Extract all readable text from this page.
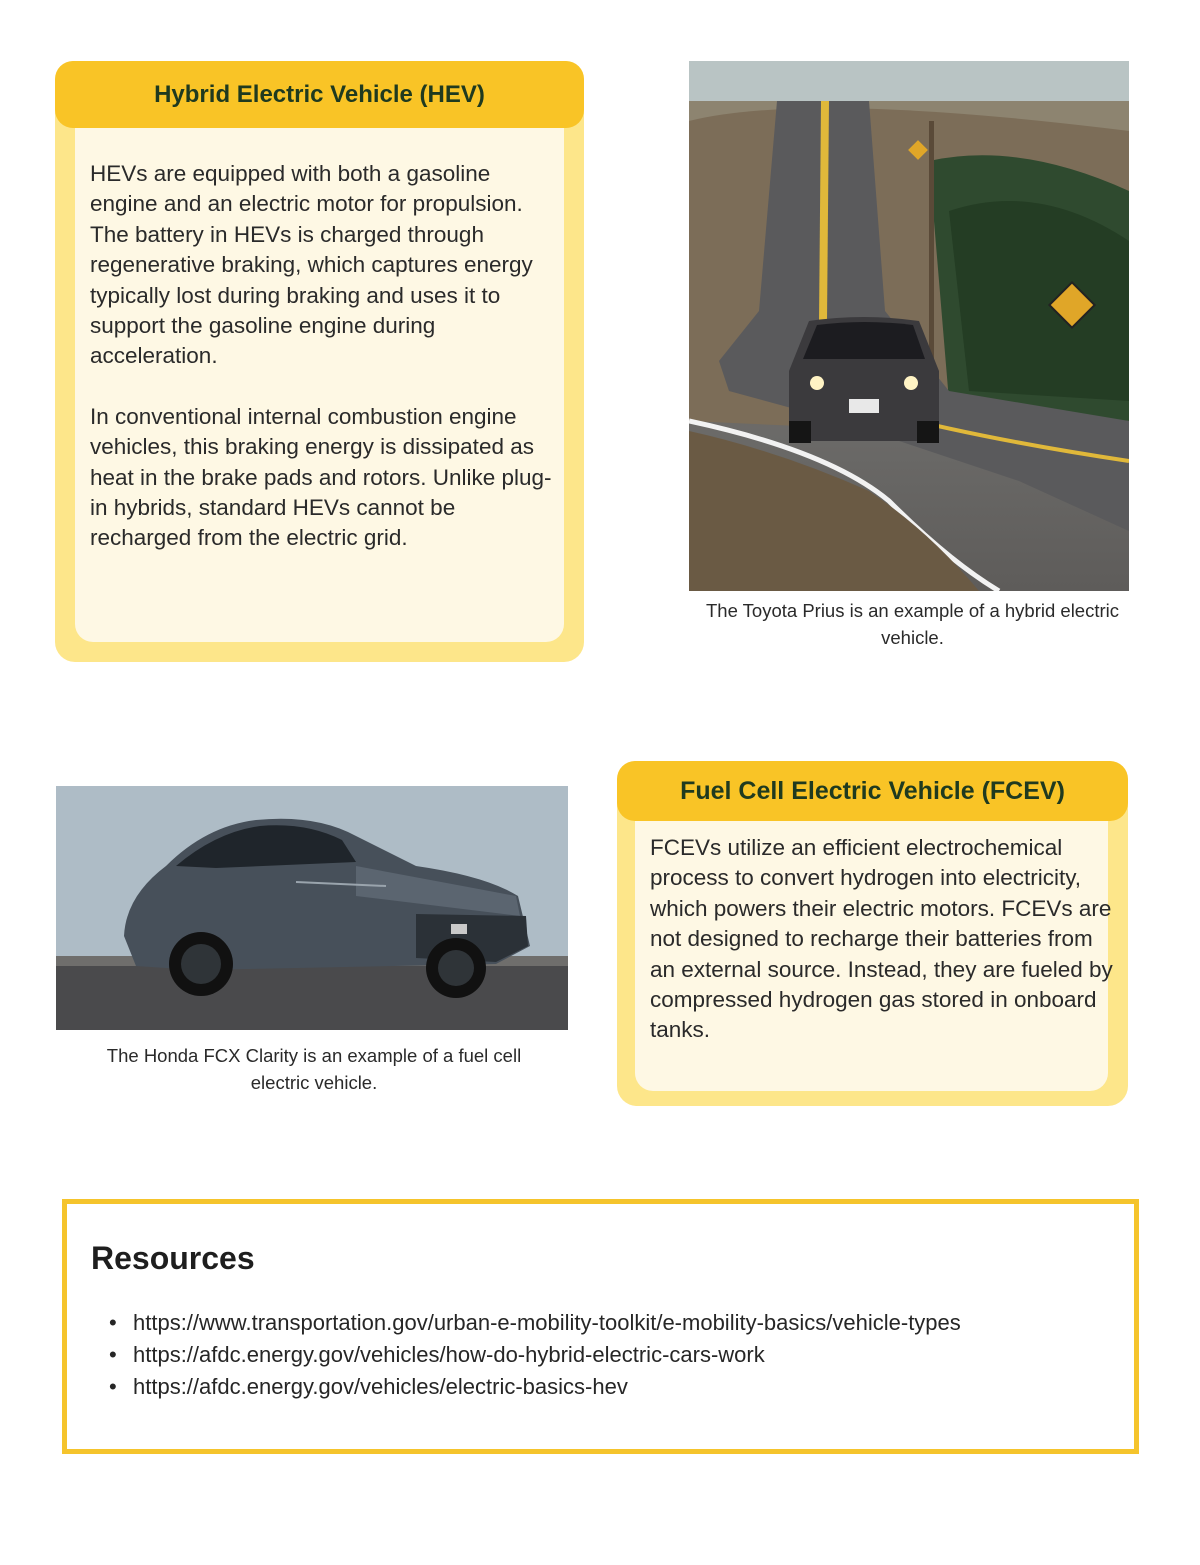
Hybrid Electric Vehicle (HEV)

HEVs are equipped with both a gasoline engine and an electric motor for propulsion. The battery in HEVs is charged through regenerative braking, which captures energy typically lost during braking and uses it to support the gasoline engine during acceleration.

In conventional internal combustion engine vehicles, this braking energy is dissipated as heat in the brake pads and rotors. Unlike plug-in hybrids, standard HEVs cannot be recharged from the electric grid.

The Toyota Prius is an example of a hybrid electric vehicle.
The Honda FCX Clarity is an example of a fuel cell electric vehicle.
Fuel Cell Electric Vehicle (FCEV)

FCEVs utilize an efficient electrochemical process to convert hydrogen into electricity, which powers their electric motors. FCEVs are not designed to recharge their batteries from an external source. Instead, they are fueled by compressed hydrogen gas stored in onboard tanks.

Resources
• https://www.transportation.gov/urban-e-mobility-toolkit/e-mobility-basics/vehicle-types
• https://afdc.energy.gov/vehicles/how-do-hybrid-electric-cars-work
• https://afdc.energy.gov/vehicles/electric-basics-hev
